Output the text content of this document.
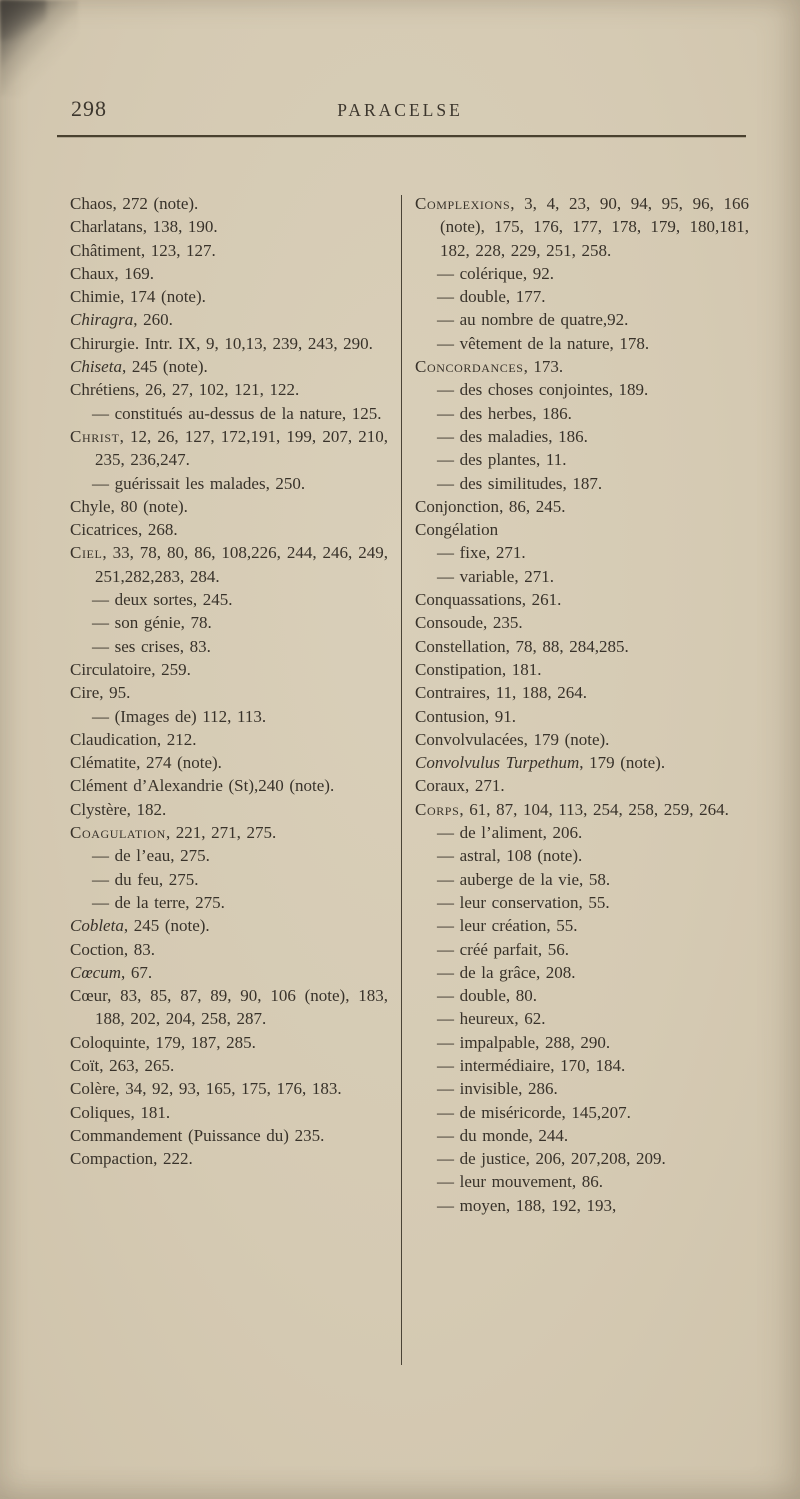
298	PARACELSE
Chaos, 272 (note).
Charlatans, 138, 190.
Châtiment, 123, 127.
Chaux, 169.
Chimie, 174 (note).
Chiragra, 260.
Chirurgie. Intr. IX, 9, 10,13, 239, 243, 290.
Chiseta, 245 (note).
Chrétiens, 26, 27, 102, 121, 122.
— constitués au-dessus de la nature, 125.
Christ, 12, 26, 127, 172,191, 199, 207, 210, 235, 236,247.
— guérissait les malades, 250.
Chyle, 80 (note).
Cicatrices, 268.
Ciel, 33, 78, 80, 86, 108,226, 244, 246, 249, 251,282,283, 284.
— deux sortes, 245.
— son génie, 78.
— ses crises, 83.
Circulatoire, 259.
Cire, 95.
— (Images de) 112, 113.
Claudication, 212.
Clématite, 274 (note).
Clément d’Alexandrie (St),240 (note).
Clystère, 182.
Coagulation, 221, 271, 275.
— de l’eau, 275.
— du feu, 275.
— de la terre, 275.
Cobleta, 245 (note).
Coction, 83.
Cœcum, 67.
Cœur, 83, 85, 87, 89, 90, 106 (note), 183, 188, 202, 204, 258, 287.
Coloquinte, 179, 187, 285.
Coït, 263, 265.
Colère, 34, 92, 93, 165, 175, 176, 183.
Coliques, 181.
Commandement (Puissance du) 235.
Compaction, 222.
Complexions, 3, 4, 23, 90, 94, 95, 96, 166 (note), 175, 176, 177, 178, 179, 180,181, 182, 228, 229, 251, 258.
— colérique, 92.
— double, 177.
— au nombre de quatre,92.
— vêtement de la nature, 178.
Concordances, 173.
— des choses conjointes, 189.
— des herbes, 186.
— des maladies, 186.
— des plantes, 11.
— des similitudes, 187.
Conjonction, 86, 245.
Congélation
— fixe, 271.
— variable, 271.
Conquassations, 261.
Consoude, 235.
Constellation, 78, 88, 284,285.
Constipation, 181.
Contraires, 11, 188, 264.
Contusion, 91.
Convolvulacées, 179 (note).
Convolvulus Turpethum, 179 (note).
Coraux, 271.
Corps, 61, 87, 104, 113, 254, 258, 259, 264.
— de l’aliment, 206.
— astral, 108 (note).
— auberge de la vie, 58.
— leur conservation, 55.
— leur création, 55.
— créé parfait, 56.
— de la grâce, 208.
— double, 80.
— heureux, 62.
— impalpable, 288, 290.
— intermédiaire, 170, 184.
— invisible, 286.
— de miséricorde, 145,207.
— du monde, 244.
— de justice, 206, 207,208, 209.
— leur mouvement, 86.
— moyen, 188, 192, 193,
